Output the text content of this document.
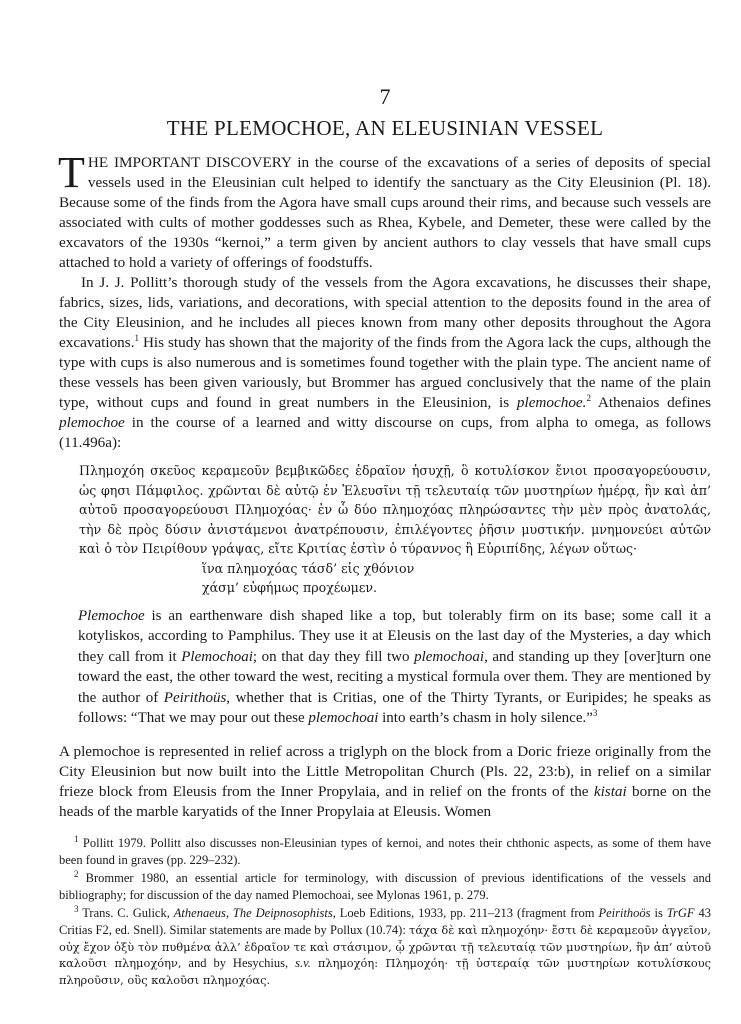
7

THE PLEMOCHOE, AN ELEUSINIAN VESSEL

THE IMPORTANT DISCOVERY in the course of the excavations of a series of deposits of special vessels used in the Eleusinian cult helped to identify the sanctuary as the City Eleusinion (Pl. 18). Because some of the finds from the Agora have small cups around their rims, and because such vessels are associated with cults of mother goddesses such as Rhea, Kybele, and Demeter, these were called by the excavators of the 1930s “kernoi,” a term given by ancient authors to clay vessels that have small cups attached to hold a variety of offerings of foodstuffs.

In J. J. Pollitt’s thorough study of the vessels from the Agora excavations, he discusses their shape, fabrics, sizes, lids, variations, and decorations, with special attention to the deposits found in the area of the City Eleusinion, and he includes all pieces known from many other deposits throughout the Agora excavations.$^1$ His study has shown that the majority of the finds from the Agora lack the cups, although the type with cups is also numerous and is sometimes found together with the plain type. The ancient name of these vessels has been given variously, but Brommer has argued conclusively that the name of the plain type, without cups and found in great numbers in the Eleusinion, is plemochoe.$^2$ Athenaios defines plemochoe in the course of a learned and witty discourse on cups, from alpha to omega, as follows (11.496a):

Πλημοχόη σκεῦος κεραμεοῦν βεμβικῶδες ἑδραῖον ἡσυχῇ, ὃ κοτυλίσκον ἔνιοι προσαγορεύουσιν, ὡς φησι Πάμφιλος. χρῶνται δὲ αὐτῷ ἐν Ἐλευσῖνι τῇ τελευταίᾳ τῶν μυστηρίων ἡμέρᾳ, ἣν καὶ ἀπ’ αὐτοῦ προσαγορεύουσι Πλημοχόας· ἐν ὧ δύο πλημοχόας πληρώσαντες τὴν μὲν πρὸς ἀνατολάς, τὴν δὲ πρὸς δύσιν ἀνιστάμενοι ἀνατρέπουσιν, ἐπιλέγοντες ῥῆσιν μυστικήν. μνημονεύει αὐτῶν καὶ ὁ τὸν Πειρίθουν γράψας, εἴτε Κριτίας ἐστὶν ὁ τύραννος ἢ Εὐριπίδης, λέγων οὕτως·
ἵνα πλημοχόας τάσδ’ εἰς χθόνιον
χάσμ’ εὐφήμως προχέωμεν.

Plemochoe is an earthenware dish shaped like a top, but tolerably firm on its base; some call it a kotyliskos, according to Pamphilus. They use it at Eleusis on the last day of the Mysteries, a day which they call from it Plemochoai; on that day they fill two plemochoai, and standing up they [over]turn one toward the east, the other toward the west, reciting a mystical formula over them. They are mentioned by the author of Peirithoüs, whether that is Critias, one of the Thirty Tyrants, or Euripides; he speaks as follows: “That we may pour out these plemochoai into earth’s chasm in holy silence.”$^3$

A plemochoe is represented in relief across a triglyph on the block from a Doric frieze originally from the City Eleusinion but now built into the Little Metropolitan Church (Pls. 22, 23:b), in relief on a similar frieze block from Eleusis from the Inner Propylaia, and in relief on the fronts of the kistai borne on the heads of the marble karyatids of the Inner Propylaia at Eleusis. Women

$^1$ Pollitt 1979. Pollitt also discusses non-Eleusinian types of kernoi, and notes their chthonic aspects, as some of them have been found in graves (pp. 229–232).

$^2$ Brommer 1980, an essential article for terminology, with discussion of previous identifications of the vessels and bibliography; for discussion of the day named Plemochoai, see Mylonas 1961, p. 279.

$^3$ Trans. C. Gulick, Athenaeus, The Deipnosophists, Loeb Editions, 1933, pp. 211–213 (fragment from Peirithoös is TrGF 43 Critias F2, ed. Snell). Similar statements are made by Pollux (10.74): τάχα δὲ καὶ πλημοχόην· ἔστι δὲ κεραμεοῦν ἀγγεῖον, οὐχ ἔχον ὀξὺ τὸν πυθμένα ἀλλ’ ἑδραῖον τε καὶ στάσιμον, ᾧ χρῶνται τῇ τελευταίᾳ τῶν μυστηρίων, ἣν ἀπ’ αὐτοῦ καλοῦσι πλημοχόην, and by Hesychius, s.v. πλημοχόη: Πλημοχόη· τῇ ὑστεραίᾳ τῶν μυστηρίων κοτυλίσκους πληροῦσιν, οὓς καλοῦσι πλημοχόας.
